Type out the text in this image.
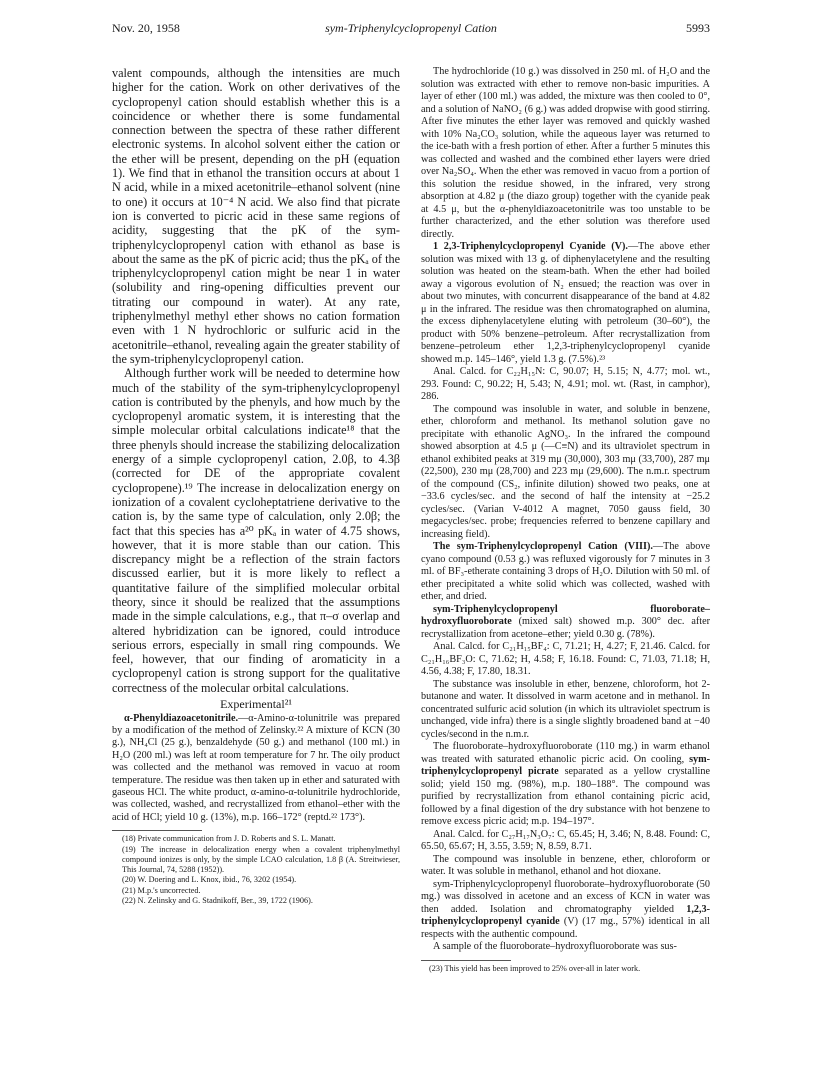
Nov. 20, 1958	sym-Triphenylcyclopropenyl Cation	5993

valent compounds, although the intensities are much higher for the cation. Work on other derivatives of the cyclopropenyl cation should establish whether this is a coincidence or whether there is some fundamental connection between the spectra of these rather different electronic systems. In alcohol solvent either the cation or the ether will be present, depending on the pH (equation 1). We find that in ethanol the transition occurs at about 1 N acid, while in a mixed acetonitrile–ethanol solvent (nine to one) it occurs at 10⁻⁴ N acid. We also find that picrate ion is converted to picric acid in these same regions of acidity, suggesting that the pK of the sym-triphenylcyclopropenyl cation with ethanol as base is about the same as the pK of picric acid; thus the pKₐ of the triphenylcyclopropenyl cation might be near 1 in water (solubility and ring-opening difficulties prevent our titrating our compound in water). At any rate, triphenylmethyl methyl ether shows no cation formation even with 1 N hydrochloric or sulfuric acid in the acetonitrile–ethanol, revealing again the greater stability of the sym-triphenylcyclopropenyl cation.

Although further work will be needed to determine how much of the stability of the sym-triphenylcyclopropenyl cation is contributed by the phenyls, and how much by the cyclopropenyl aromatic system, it is interesting that the simple molecular orbital calculations indicate¹⁸ that the three phenyls should increase the stabilizing delocalization energy of a simple cyclopropenyl cation, 2.0β, to 4.3β (corrected for DE of the appropriate covalent cyclopropene).¹⁹ The increase in delocalization energy on ionization of a covalent cycloheptatriene derivative to the cation is, by the same type of calculation, only 2.0β; the fact that this species has a²⁰ pKₐ in water of 4.75 shows, however, that it is more stable than our cation. This discrepancy might be a reflection of the strain factors discussed earlier, but it is more likely to reflect a quantitative failure of the simplified molecular orbital theory, since it should be realized that the assumptions made in the simple calculations, e.g., that π–σ overlap and altered hybridization can be ignored, could introduce serious errors, especially in small ring compounds. We feel, however, that our finding of aromaticity in a cyclopropenyl cation is strong support for the qualitative correctness of the molecular orbital calculations.

Experimental²¹

α-Phenyldiazoacetonitrile.—α-Amino-α-tolunitrile was prepared by a modification of the method of Zelinsky.²² A mixture of KCN (30 g.), NH₄Cl (25 g.), benzaldehyde (50 g.) and methanol (100 ml.) in H₂O (200 ml.) was left at room temperature for 7 hr. The oily product was collected and the methanol was removed in vacuo at room temperature. The residue was then taken up in ether and saturated with gaseous HCl. The white product, α-amino-α-tolunitrile hydrochloride, was collected, washed, and recrystallized from ethanol–ether with the acid of HCl; yield 10 g. (13%), m.p. 166–172° (reptd.²² 173°).

(18) Private communication from J. D. Roberts and S. L. Manatt.

(19) The increase in delocalization energy when a covalent triphenylmethyl compound ionizes is only, by the simple LCAO calculation, 1.8 β (A. Streitwieser, This Journal, 74, 5288 (1952)).

(20) W. Doering and L. Knox, ibid., 76, 3202 (1954).

(21) M.p.'s uncorrected.

(22) N. Zelinsky and G. Stadnikoff, Ber., 39, 1722 (1906).

The hydrochloride (10 g.) was dissolved in 250 ml. of H₂O and the solution was extracted with ether to remove non-basic impurities. A layer of ether (100 ml.) was added, the mixture was then cooled to 0°, and a solution of NaNO₂ (6 g.) was added dropwise with good stirring. After five minutes the ether layer was removed and quickly washed with 10% Na₂CO₃ solution, while the aqueous layer was returned to the ice-bath with a fresh portion of ether. After a further 5 minutes this was collected and washed and the combined ether layers were dried over Na₂SO₄. When the ether was removed in vacuo from a portion of this solution the residue showed, in the infrared, very strong absorption at 4.82 μ (the diazo group) together with the cyanide peak at 4.5 μ, but the α-phenyldiazoacetonitrile was too unstable to be further characterized, and the ether solution was therefore used directly.

1 2,3-Triphenylcyclopropenyl Cyanide (V).—The above ether solution was mixed with 13 g. of diphenylacetylene and the resulting solution was heated on the steam-bath. When the ether had boiled away a vigorous evolution of N₂ ensued; the reaction was over in about two minutes, with concurrent disappearance of the band at 4.82 μ in the infrared. The residue was then chromatographed on alumina, the excess diphenylacetylene eluting with petroleum (30–60°), the product with 50% benzene–petroleum. After recrystallization from benzene–petroleum ether 1,2,3-triphenylcyclopropenyl cyanide showed m.p. 145–146°, yield 1.3 g. (7.5%).²³

Anal. Calcd. for C₂₂H₁₅N: C, 90.07; H, 5.15; N, 4.77; mol. wt., 293. Found: C, 90.22; H, 5.43; N, 4.91; mol. wt. (Rast, in camphor), 286.

The compound was insoluble in water, and soluble in benzene, ether, chloroform and methanol. Its methanol solution gave no precipitate with ethanolic AgNO₃. In the infrared the compound showed absorption at 4.5 μ (—C≡N) and its ultraviolet spectrum in ethanol exhibited peaks at 319 mμ (30,000), 303 mμ (33,700), 287 mμ (22,500), 230 mμ (28,700) and 223 mμ (29,600). The n.m.r. spectrum of the compound (CS₂, infinite dilution) showed two peaks, one at −33.6 cycles/sec. and the second of half the intensity at −25.2 cycles/sec. (Varian V-4012 A magnet, 7050 gauss field, 30 megacycles/sec. probe; frequencies referred to benzene capillary and increasing field).

The sym-Triphenylcyclopropenyl Cation (VIII).—The above cyano compound (0.53 g.) was refluxed vigorously for 7 minutes in 3 ml. of BF₃-etherate containing 3 drops of H₂O. Dilution with 50 ml. of ether precipitated a white solid which was collected, washed with ether, and dried.

sym-Triphenylcyclopropenyl fluoroborate–hydroxyfluoroborate (mixed salt) showed m.p. 300° dec. after recrystallization from acetone–ether; yield 0.30 g. (78%).

Anal. Calcd. for C₂₁H₁₅BF₄: C, 71.21; H, 4.27; F, 21.46. Calcd. for C₂₁H₁₆BF₃O: C, 71.62; H, 4.58; F, 16.18. Found: C, 71.03, 71.18; H, 4.56, 4.38; F, 17.80, 18.31.

The substance was insoluble in ether, benzene, chloroform, hot 2-butanone and water. It dissolved in warm acetone and in methanol. In concentrated sulfuric acid solution (in which its ultraviolet spectrum is unchanged, vide infra) there is a single slightly broadened band at −40 cycles/second in the n.m.r.

The fluoroborate–hydroxyfluoroborate (110 mg.) in warm ethanol was treated with saturated ethanolic picric acid. On cooling, sym-triphenylcyclopropenyl picrate separated as a yellow crystalline solid; yield 150 mg. (98%), m.p. 180–188°. The compound was purified by recrystallization from ethanol containing picric acid, followed by a final digestion of the dry substance with hot benzene to remove excess picric acid; m.p. 194–197°.

Anal. Calcd. for C₂₇H₁₇N₃O₇: C, 65.45; H, 3.46; N, 8.48. Found: C, 65.50, 65.67; H, 3.55, 3.59; N, 8.59, 8.71.

The compound was insoluble in benzene, ether, chloroform or water. It was soluble in methanol, ethanol and hot dioxane.

sym-Triphenylcyclopropenyl fluoroborate–hydroxyfluoroborate (50 mg.) was dissolved in acetone and an excess of KCN in water was then added. Isolation and chromatography yielded 1,2,3-triphenylcyclopropenyl cyanide (V) (17 mg., 57%) identical in all respects with the authentic compound.

A sample of the fluoroborate–hydroxyfluoroborate was sus-

(23) This yield has been improved to 25% over-all in later work.
